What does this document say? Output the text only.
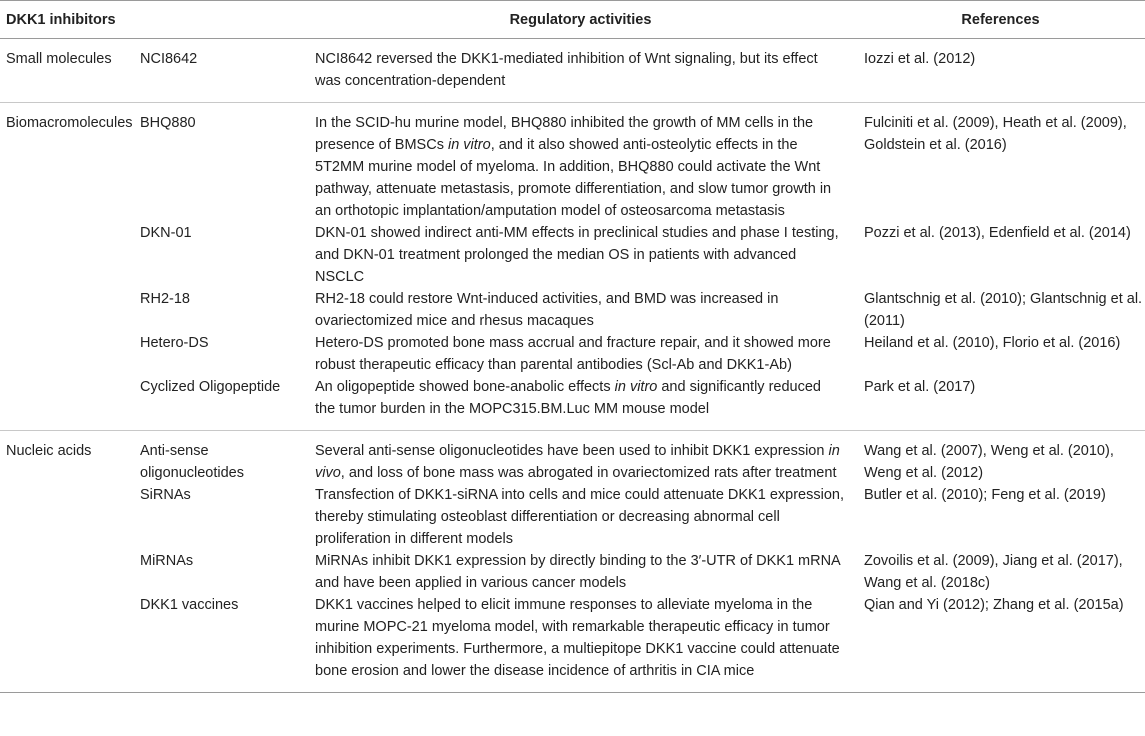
DKK1 inhibitors		Regulatory activities	References
Small molecules	NCI8642	NCI8642 reversed the DKK1-mediated inhibition of Wnt signaling, but its effect was concentration-dependent	Iozzi et al. (2012)
Biomacromolecules	BHQ880	In the SCID-hu murine model, BHQ880 inhibited the growth of MM cells in the presence of BMSCs in vitro, and it also showed anti-osteolytic effects in the 5T2MM murine model of myeloma. In addition, BHQ880 could activate the Wnt pathway, attenuate metastasis, promote differentiation, and slow tumor growth in an orthotopic implantation/amputation model of osteosarcoma metastasis	Fulciniti et al. (2009), Heath et al. (2009), Goldstein et al. (2016)
	DKN-01	DKN-01 showed indirect anti-MM effects in preclinical studies and phase I testing, and DKN-01 treatment prolonged the median OS in patients with advanced NSCLC	Pozzi et al. (2013), Edenfield et al. (2014)
	RH2-18	RH2-18 could restore Wnt-induced activities, and BMD was increased in ovariectomized mice and rhesus macaques	Glantschnig et al. (2010); Glantschnig et al. (2011)
	Hetero-DS	Hetero-DS promoted bone mass accrual and fracture repair, and it showed more robust therapeutic efficacy than parental antibodies (Scl-Ab and DKK1-Ab)	Heiland et al. (2010), Florio et al. (2016)
	Cyclized Oligopeptide	An oligopeptide showed bone-anabolic effects in vitro and significantly reduced the tumor burden in the MOPC315.BM.Luc MM mouse model	Park et al. (2017)
Nucleic acids	Anti-sense oligonucleotides	Several anti-sense oligonucleotides have been used to inhibit DKK1 expression in vivo, and loss of bone mass was abrogated in ovariectomized rats after treatment	Wang et al. (2007), Weng et al. (2010), Weng et al. (2012)
	SiRNAs	Transfection of DKK1-siRNA into cells and mice could attenuate DKK1 expression, thereby stimulating osteoblast differentiation or decreasing abnormal cell proliferation in different models	Butler et al. (2010); Feng et al. (2019)
	MiRNAs	MiRNAs inhibit DKK1 expression by directly binding to the 3′-UTR of DKK1 mRNA and have been applied in various cancer models	Zovoilis et al. (2009), Jiang et al. (2017), Wang et al. (2018c)
	DKK1 vaccines	DKK1 vaccines helped to elicit immune responses to alleviate myeloma in the murine MOPC-21 myeloma model, with remarkable therapeutic efficacy in tumor inhibition experiments. Furthermore, a multiepitope DKK1 vaccine could attenuate bone erosion and lower the disease incidence of arthritis in CIA mice	Qian and Yi (2012); Zhang et al. (2015a)
